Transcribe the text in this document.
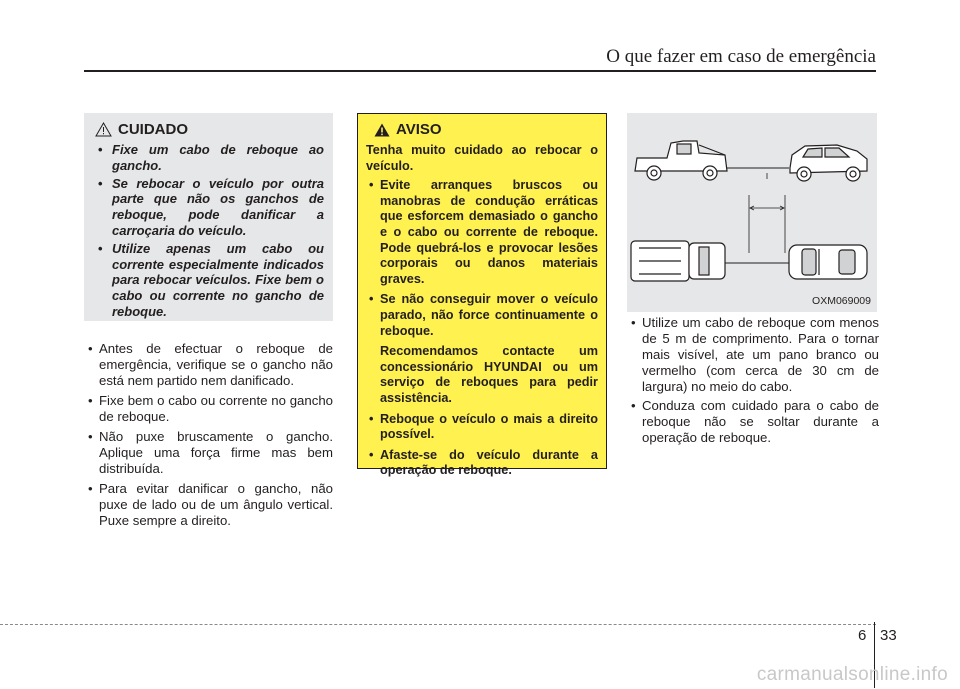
O que fazer em caso de emergência
CUIDADO
• Fixe um cabo de reboque ao gancho.
• Se rebocar o veículo por outra parte que não os ganchos de reboque, pode danificar a carroçaria do veículo.
• Utilize apenas um cabo ou corrente especialmente indicados para rebocar veículos. Fixe bem o cabo ou corrente no gancho de reboque.
• Antes de efectuar o reboque de emergência, verifique se o gancho não está nem partido nem danificado.
• Fixe bem o cabo ou corrente no gancho de reboque.
• Não puxe bruscamente o gancho. Aplique uma força firme mas bem distribuída.
• Para evitar danificar o gancho, não puxe de lado ou de um ângulo vertical. Puxe sempre a direito.
AVISO

Tenha muito cuidado ao rebocar o veículo.

• Evite arranques bruscos ou manobras de condução erráticas que esforcem demasiado o gancho e o cabo ou corrente de reboque. Pode quebrá-los e provocar lesões corporais ou danos materiais graves.
• Se não conseguir mover o veículo parado, não force continuamente o reboque.
Recomendamos contacte um concessionário HYUNDAI ou um serviço de reboques para pedir assistência.
• Reboque o veículo o mais a direito possível.
• Afaste-se do veículo durante a operação de reboque.
OXM069009
• Utilize um cabo de reboque com menos de 5 m de comprimento. Para o tornar mais visível, ate um pano branco ou vermelho (com cerca de 30 cm de largura) no meio do cabo.
• Conduza com cuidado para o cabo de reboque não se soltar durante a operação de reboque.
6 33
carmanualsonline.info
